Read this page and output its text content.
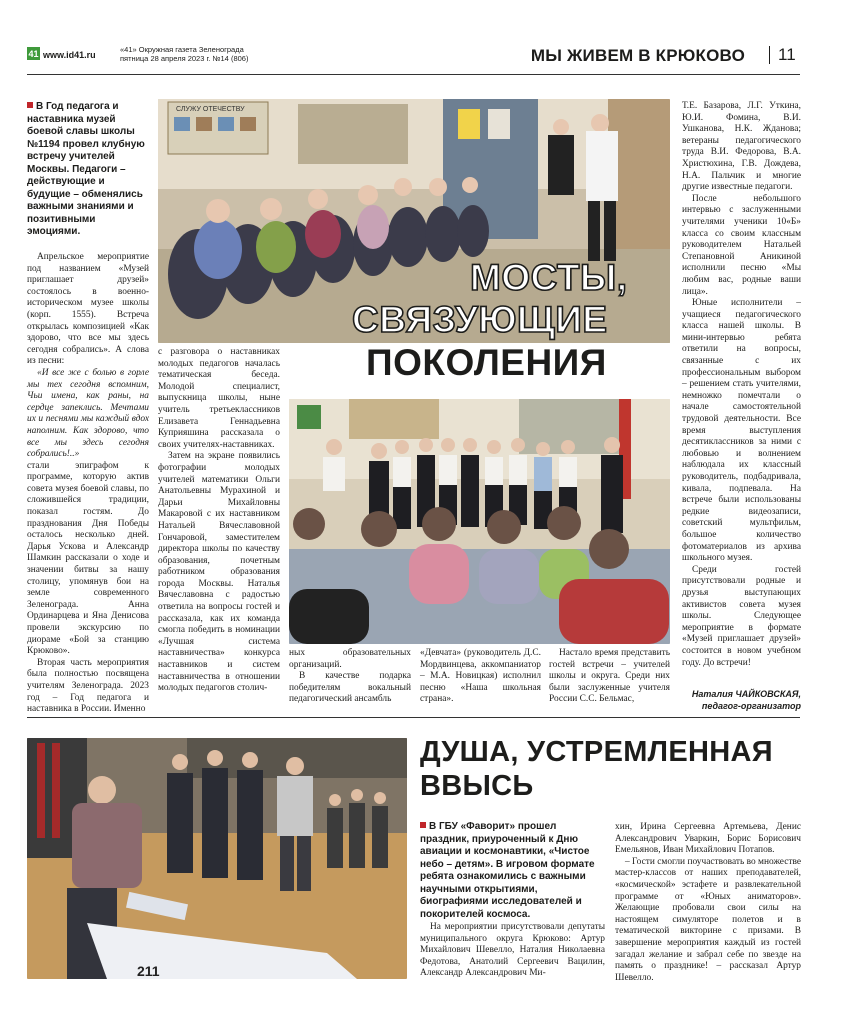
41 www.id41.ru
«41» Окружная газета Зеленограда
пятница 28 апреля 2023 г. №14 (806)	МЫ ЖИВЕМ В КРЮКОВО	11
В Год педагога и наставника музей боевой славы школы №1194 провел клубную встречу учителей Москвы. Педагоги – действующие и будущие – обменялись важными знаниями и позитивными эмоциями.
СЛУЖУ ОТЕЧЕСТВУ
МОСТЫ,
СВЯЗУЮЩИЕ
ПОКОЛЕНИЯ

Апрельское мероприятие под названием «Музей приглашает друзей» состоялось в военно-историческом музее школы (корп. 1555). Встреча открылась композицией «Как здорово, что все мы здесь сегодня собрались». А слова из песни:

«И все же с болью в горле мы тех сегодня вспомним, Чьи имена, как раны, на сердце запеклись. Мечтами их и песнями мы каждый вдох наполним. Как здорово, что все мы здесь сегодня собрались!..»

стали эпиграфом к программе, которую актив совета музея боевой славы, по сложившейся традиции, показал гостям. До празднования Дня Победы осталось несколько дней. Дарья Ускова и Александр Шамкин рассказали о ходе и значении битвы за нашу столицу, упомянув бои на земле современного Зеленограда. Анна Ординарцева и Яна Денисова провели экскурсию по диораме «Бой за станцию Крюково».

Вторая часть мероприятия была полностью посвящена учителям Зеленограда. 2023 год – Год педагога и наставника в России. Именно

с разговора о наставниках молодых педагогов началась тематическая беседа. Молодой специалист, выпускница школы, ныне учитель третьеклассников Елизавета Геннадьевна Куприяшина рассказала о своих учителях-наставниках.

Затем на экране появились фотографии молодых учителей математики Ольги Анатольевны Мурахиной и Дарьи Михайловны Макаровой с их наставником Натальей Вячеславовной Гончаровой, заместителем директора школы по качеству образования, почетным работником образования города Москвы. Наталья Вячеславовна с радостью ответила на вопросы гостей и рассказала, как их команда смогла победить в номинации «Лучшая система наставничества» конкурса наставников и систем наставничества в отношении молодых педагогов столич-

ных образовательных организаций.

В качестве подарка победителям вокальный педагогический ансамбль

«Девчата» (руководитель Д.С. Мордвинцева, аккомпаниатор – М.А. Новицкая) исполнил песню «Наша школьная страна».

Настало время представить гостей встречи – учителей школы и округа. Среди них были заслуженные учителя России С.С. Бельмас,

Т.Е. Базарова, Л.Г. Уткина, Ю.И. Фомина, В.И. Ушканова, Н.К. Жданова; ветераны педагогического труда В.И. Федорова, В.А. Христюхина, Г.В. Дождева, Н.А. Пальчик и многие другие известные педагоги.

После небольшого интервью с заслуженными учителями ученики 10«Б» класса со своим классным руководителем Натальей Степановной Аникиной исполнили песню «Мы любим вас, родные ваши лица».

Юные исполнители – учащиеся педагогического класса нашей школы. В мини-интервью ребята ответили на вопросы, связанные с их профессиональным выбором – решением стать учителями, немножко помечтали о начале самостоятельной трудовой деятельности. Все время выступления десятиклассников за ними с любовью и волнением наблюдала их классный руководитель, подбадривала, кивала, подпевала. На встрече были использованы редкие видеозаписи, советский мультфильм, большое количество фотоматериалов из архива школьного музея.

Среди гостей присутствовали родные и друзья выступающих активистов совета музея школы. Следующее мероприятие в формате «Музей приглашает друзей» состоится в новом учебном году. До встречи!

Наталия ЧАЙКОВСКАЯ,
педагог-организатор
211
ДУША, УСТРЕМЛЕННАЯ
ВВЫСЬ
В ГБУ «Фаворит» прошел праздник, приуроченный к Дню авиации и космонавтики, «Чистое небо – детям». В игровом формате ребята ознакомились с важными научными открытиями, биографиями исследователей и покорителей космоса.

На мероприятии присутствовали депутаты муниципального округа Крюково: Артур Михайлович Шевелло, Наталия Николаевна Федотова, Анатолий Сергеевич Вацилин, Александр Александрович Ми-

хин, Ирина Сергеевна Артемьева, Денис Александрович Уваркин, Борис Борисович Емельянов, Иван Михайлович Потапов.

– Гости смогли поучаствовать во множестве мастер-классов от наших преподавателей, «космической» эстафете и развлекательной программе от «Юных аниматоров». Желающие пробовали свои силы на настоящем симуляторе полетов и в тематической викторине с призами. В завершение мероприятия каждый из гостей загадал желание и забрал себе по звезде на память о празднике! – рассказал Артур Шевелло.
